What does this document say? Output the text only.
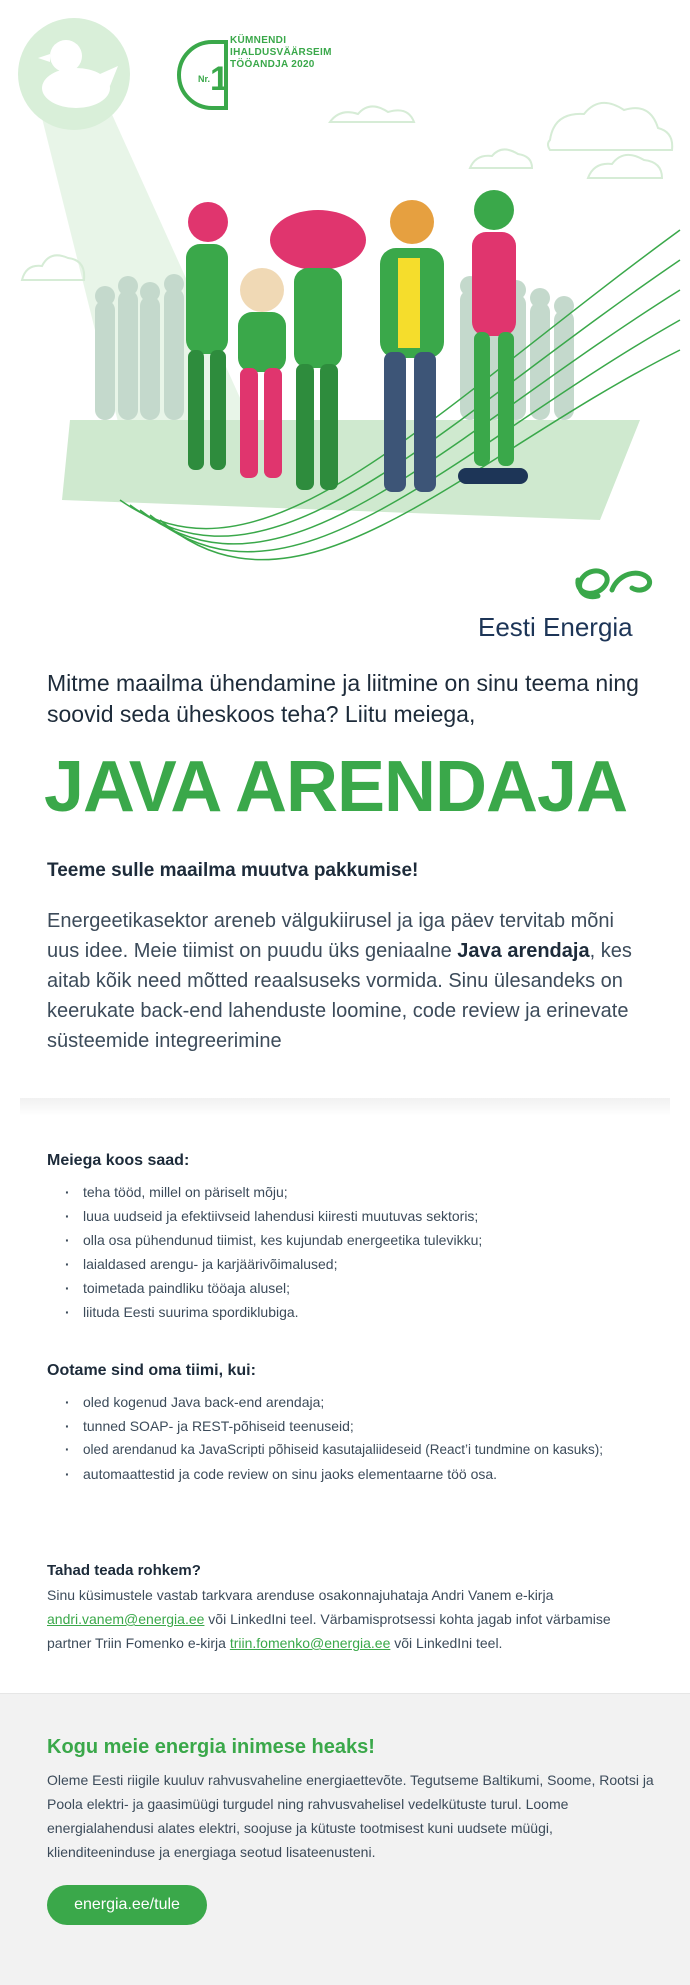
Nr. 1
KÜMNENDI
IHALDUSVÄÄRSEIM
TÖÖANDJA 2020
Eesti Energia
Mitme maailma ühendamine ja liitmine on sinu teema ning soovid seda üheskoos teha? Liitu meiega,
JAVA ARENDAJA
Teeme sulle maailma muutva pakkumise!
Energeetikasektor areneb välgukiirusel ja iga päev tervitab mõni uus idee. Meie tiimist on puudu üks geniaalne Java arendaja, kes aitab kõik need mõtted reaalsuseks vormida. Sinu ülesandeks on keerukate back-end lahenduste loomine, code review ja erinevate süsteemide integreerimine
Meiega koos saad:
· teha tööd, millel on päriselt mõju;
· luua uudseid ja efektiivseid lahendusi kiiresti muutuvas sektoris;
· olla osa pühendunud tiimist, kes kujundab energeetika tulevikku;
· laialdased arengu- ja karjäärivõimalused;
· toimetada paindliku tööaja alusel;
· liituda Eesti suurima spordiklubiga.
Ootame sind oma tiimi, kui:
· oled kogenud Java back-end arendaja;
· tunned SOAP- ja REST-põhiseid teenuseid;
· oled arendanud ka JavaScripti põhiseid kasutajaliideseid (React’i tundmine on kasuks);
· automaattestid ja code review on sinu jaoks elementaarne töö osa.
Tahad teada rohkem?

Sinu küsimustele vastab tarkvara arenduse osakonnajuhataja Andri Vanem e-kirja andri.vanem@energia.ee või LinkedIni teel. Värbamisprotsessi kohta jagab infot värbamise partner Triin Fomenko e-kirja triin.fomenko@energia.ee või LinkedIni teel.

Kogu meie energia inimese heaks!

Oleme Eesti riigile kuuluv rahvusvaheline energiaettevõte. Tegutseme Baltikumi, Soome, Rootsi ja Poola elektri- ja gaasimüügi turgudel ning rahvusvahelisel vedelkütuste turul. Loome energialahendusi alates elektri, soojuse ja kütuste tootmisest kuni uudsete müügi, klienditeeninduse ja energiaga seotud lisateenusteni.

energia.ee/tule
